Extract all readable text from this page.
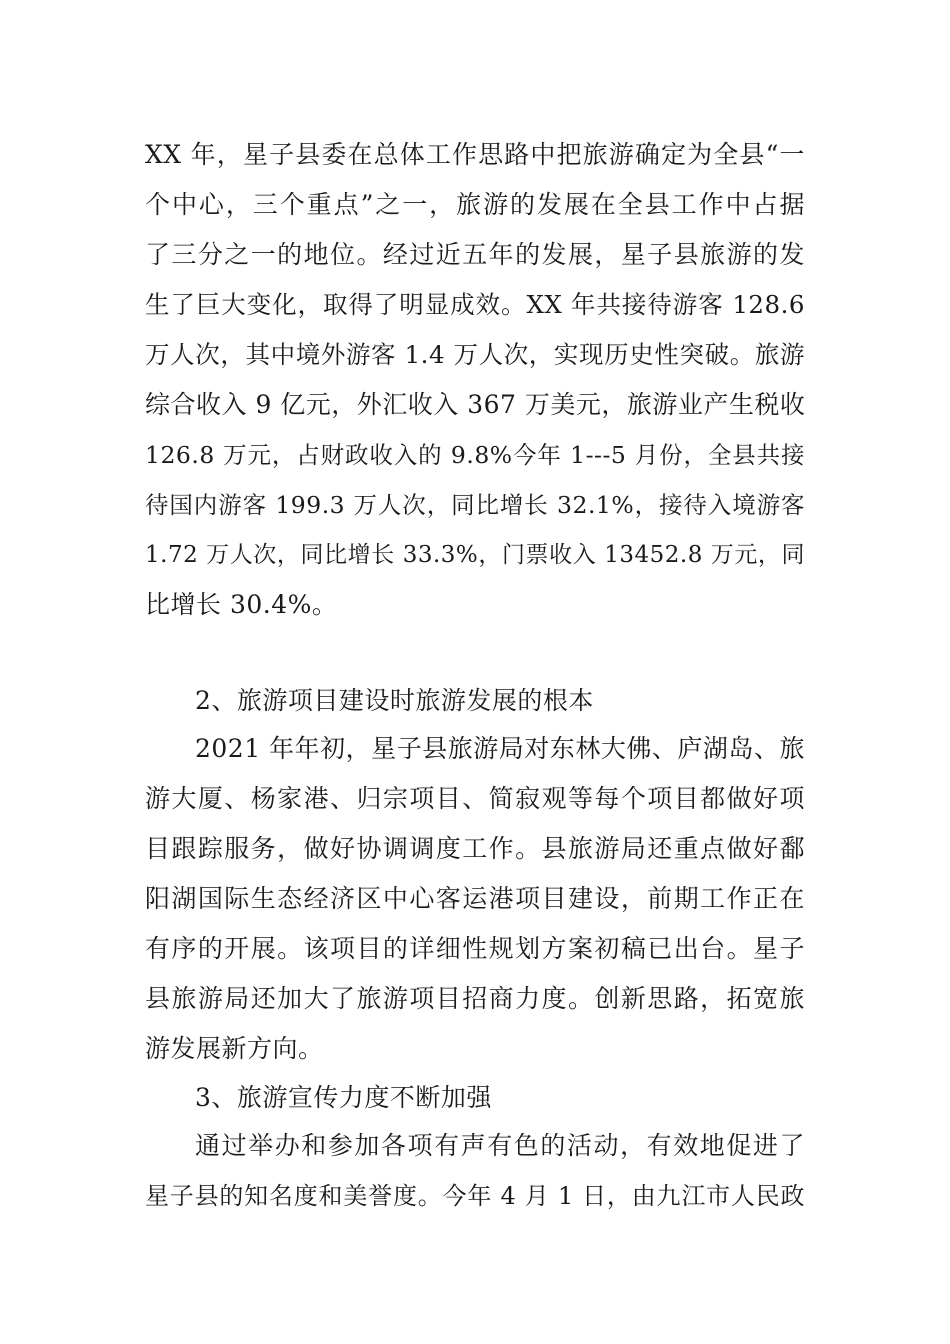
XX 年，星子县委在总体工作思路中把旅游确定为全县“一
个中心，三个重点”之一，旅游的发展在全县工作中占据
了三分之一的地位。经过近五年的发展，星子县旅游的发
生了巨大变化，取得了明显成效。XX 年共接待游客 128.6
万人次，其中境外游客 1.4 万人次，实现历史性突破。旅游
综合收入 9 亿元，外汇收入 367 万美元，旅游业产生税收
126.8 万元，占财政收入的 9.8%今年 1---5 月份，全县共接
待国内游客 199.3 万人次，同比增长 32.1%，接待入境游客
1.72 万人次，同比增长 33.3%，门票收入 13452.8 万元，同
比增长 30.4%。
2、旅游项目建设时旅游发展的根本
2021 年年初，星子县旅游局对东林大佛、庐湖岛、旅
游大厦、杨家港、归宗项目、简寂观等每个项目都做好项
目跟踪服务，做好协调调度工作。县旅游局还重点做好鄱
阳湖国际生态经济区中心客运港项目建设，前期工作正在
有序的开展。该项目的详细性规划方案初稿已出台。星子
县旅游局还加大了旅游项目招商力度。创新思路，拓宽旅
游发展新方向。
3、旅游宣传力度不断加强
通过举办和参加各项有声有色的活动，有效地促进了
星子县的知名度和美誉度。今年 4 月 1 日，由九江市人民政
